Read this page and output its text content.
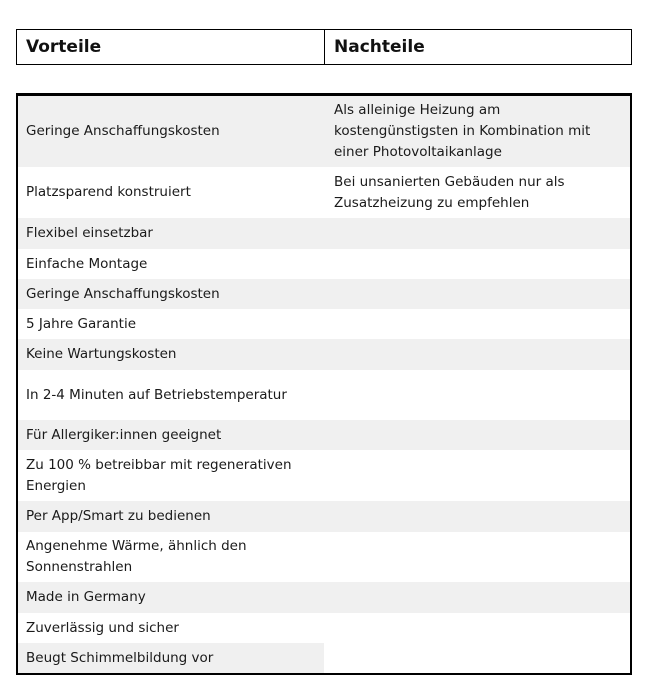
Vorteile	Nachteile
Geringe Anschaffungskosten
Als alleinige Heizung am kostengünstigsten in Kombination mit einer Photovoltaikanlage
Platzsparend konstruiert
Bei unsanierten Gebäuden nur als Zusatzheizung zu empfehlen
Flexibel einsetzbar
Einfache Montage
Geringe Anschaffungskosten
5 Jahre Garantie
Keine Wartungskosten
In 2-4 Minuten auf Betriebstemperatur
Für Allergiker:innen geeignet
Zu 100 % betreibbar mit regenerativen Energien
Per App/Smart zu bedienen
Angenehme Wärme, ähnlich den Sonnenstrahlen
Made in Germany
Zuverlässig und sicher
Beugt Schimmelbildung vor
